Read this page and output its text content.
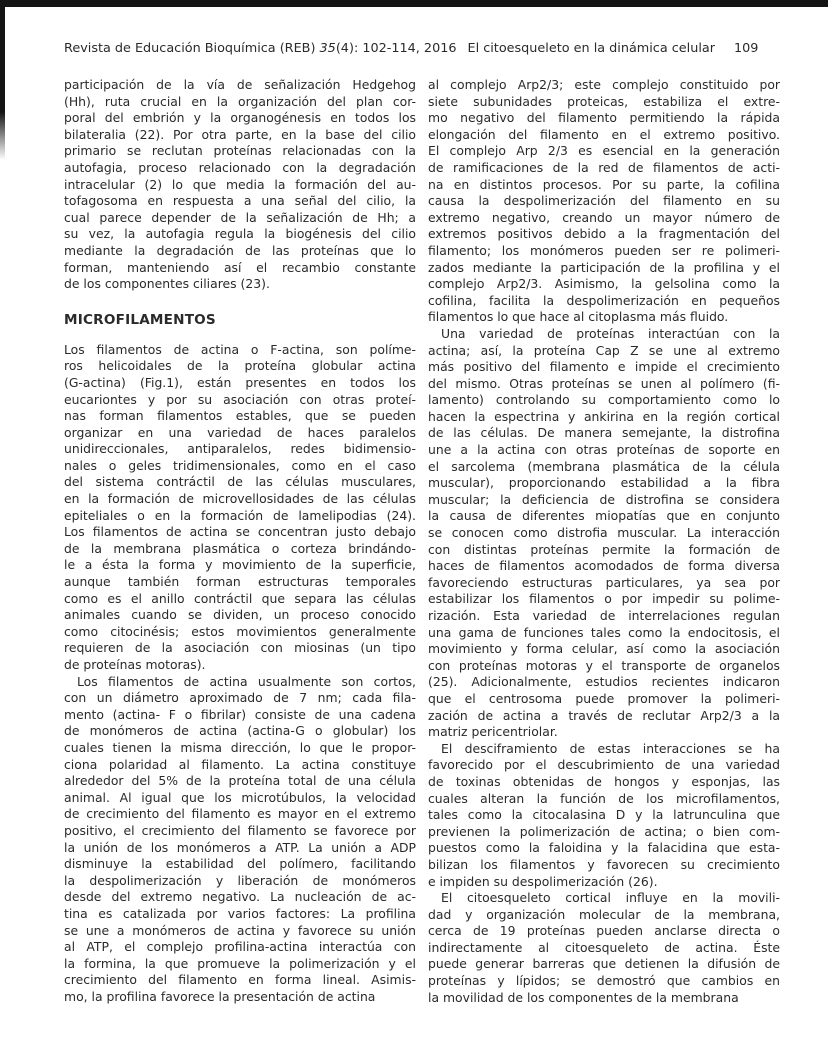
Revista de Educación Bioquímica (REB) 35(4): 102-114, 2016 El citoesqueleto en la dinámica celular 109
participación de la vía de señalización Hedgehog
(Hh), ruta crucial en la organización del plan cor-
poral del embrión y la organogénesis en todos los
bilateralia (22). Por otra parte, en la base del cilio
primario se reclutan proteínas relacionadas con la
autofagia, proceso relacionado con la degradación
intracelular (2) lo que media la formación del au-
tofagosoma en respuesta a una señal del cilio, la
cual parece depender de la señalización de Hh; a
su vez, la autofagia regula la biogénesis del cilio
mediante la degradación de las proteínas que lo
forman, manteniendo así el recambio constante
de los componentes ciliares (23).
MICROFILAMENTOS
Los filamentos de actina o F-actina, son políme-
ros helicoidales de la proteína globular actina
(G-actina) (Fig.1), están presentes en todos los
eucariontes y por su asociación con otras proteí-
nas forman filamentos estables, que se pueden
organizar en una variedad de haces paralelos
unidireccionales, antiparalelos, redes bidimensio-
nales o geles tridimensionales, como en el caso
del sistema contráctil de las células musculares,
en la formación de microvellosidades de las células
epiteliales o en la formación de lamelipodias (24).
Los filamentos de actina se concentran justo debajo
de la membrana plasmática o corteza brindándo-
le a ésta la forma y movimiento de la superficie,
aunque también forman estructuras temporales
como es el anillo contráctil que separa las células
animales cuando se dividen, un proceso conocido
como citocinésis; estos movimientos generalmente
requieren de la asociación con miosinas (un tipo
de proteínas motoras).
Los filamentos de actina usualmente son cortos,
con un diámetro aproximado de 7 nm; cada fila-
mento (actina- F o fibrilar) consiste de una cadena
de monómeros de actina (actina-G o globular) los
cuales tienen la misma dirección, lo que le propor-
ciona polaridad al filamento. La actina constituye
alrededor del 5% de la proteína total de una célula
animal. Al igual que los microtúbulos, la velocidad
de crecimiento del filamento es mayor en el extremo
positivo, el crecimiento del filamento se favorece por
la unión de los monómeros a ATP. La unión a ADP
disminuye la estabilidad del polímero, facilitando
la despolimerización y liberación de monómeros
desde del extremo negativo. La nucleación de ac-
tina es catalizada por varios factores: La profilina
se une a monómeros de actina y favorece su unión
al ATP, el complejo profilina-actina interactúa con
la formina, la que promueve la polimerización y el
crecimiento del filamento en forma lineal. Asimis-
mo, la profilina favorece la presentación de actina
al complejo Arp2/3; este complejo constituido por
siete subunidades proteicas, estabiliza el extre-
mo negativo del filamento permitiendo la rápida
elongación del filamento en el extremo positivo.
El complejo Arp 2/3 es esencial en la generación
de ramificaciones de la red de filamentos de acti-
na en distintos procesos. Por su parte, la cofilina
causa la despolimerización del filamento en su
extremo negativo, creando un mayor número de
extremos positivos debido a la fragmentación del
filamento; los monómeros pueden ser re polimeri-
zados mediante la participación de la profilina y el
complejo Arp2/3. Asimismo, la gelsolina como la
cofilina, facilita la despolimerización en pequeños
filamentos lo que hace al citoplasma más fluido.
Una variedad de proteínas interactúan con la
actina; así, la proteína Cap Z se une al extremo
más positivo del filamento e impide el crecimiento
del mismo. Otras proteínas se unen al polímero (fi-
lamento) controlando su comportamiento como lo
hacen la espectrina y ankirina en la región cortical
de las células. De manera semejante, la distrofina
une a la actina con otras proteínas de soporte en
el sarcolema (membrana plasmática de la célula
muscular), proporcionando estabilidad a la fibra
muscular; la deficiencia de distrofina se considera
la causa de diferentes miopatías que en conjunto
se conocen como distrofia muscular. La interacción
con distintas proteínas permite la formación de
haces de filamentos acomodados de forma diversa
favoreciendo estructuras particulares, ya sea por
estabilizar los filamentos o por impedir su polime-
rización. Esta variedad de interrelaciones regulan
una gama de funciones tales como la endocitosis, el
movimiento y forma celular, así como la asociación
con proteínas motoras y el transporte de organelos
(25). Adicionalmente, estudios recientes indicaron
que el centrosoma puede promover la polimeri-
zación de actina a través de reclutar Arp2/3 a la
matriz pericentriolar.
El desciframiento de estas interacciones se ha
favorecido por el descubrimiento de una variedad
de toxinas obtenidas de hongos y esponjas, las
cuales alteran la función de los microfilamentos,
tales como la citocalasina D y la latrunculina que
previenen la polimerización de actina; o bien com-
puestos como la faloidina y la falacidina que esta-
bilizan los filamentos y favorecen su crecimiento
e impiden su despolimerización (26).
El citoesqueleto cortical influye en la movili-
dad y organización molecular de la membrana,
cerca de 19 proteínas pueden anclarse directa o
indirectamente al citoesqueleto de actina. Éste
puede generar barreras que detienen la difusión de
proteínas y lípidos; se demostró que cambios en
la movilidad de los componentes de la membrana
